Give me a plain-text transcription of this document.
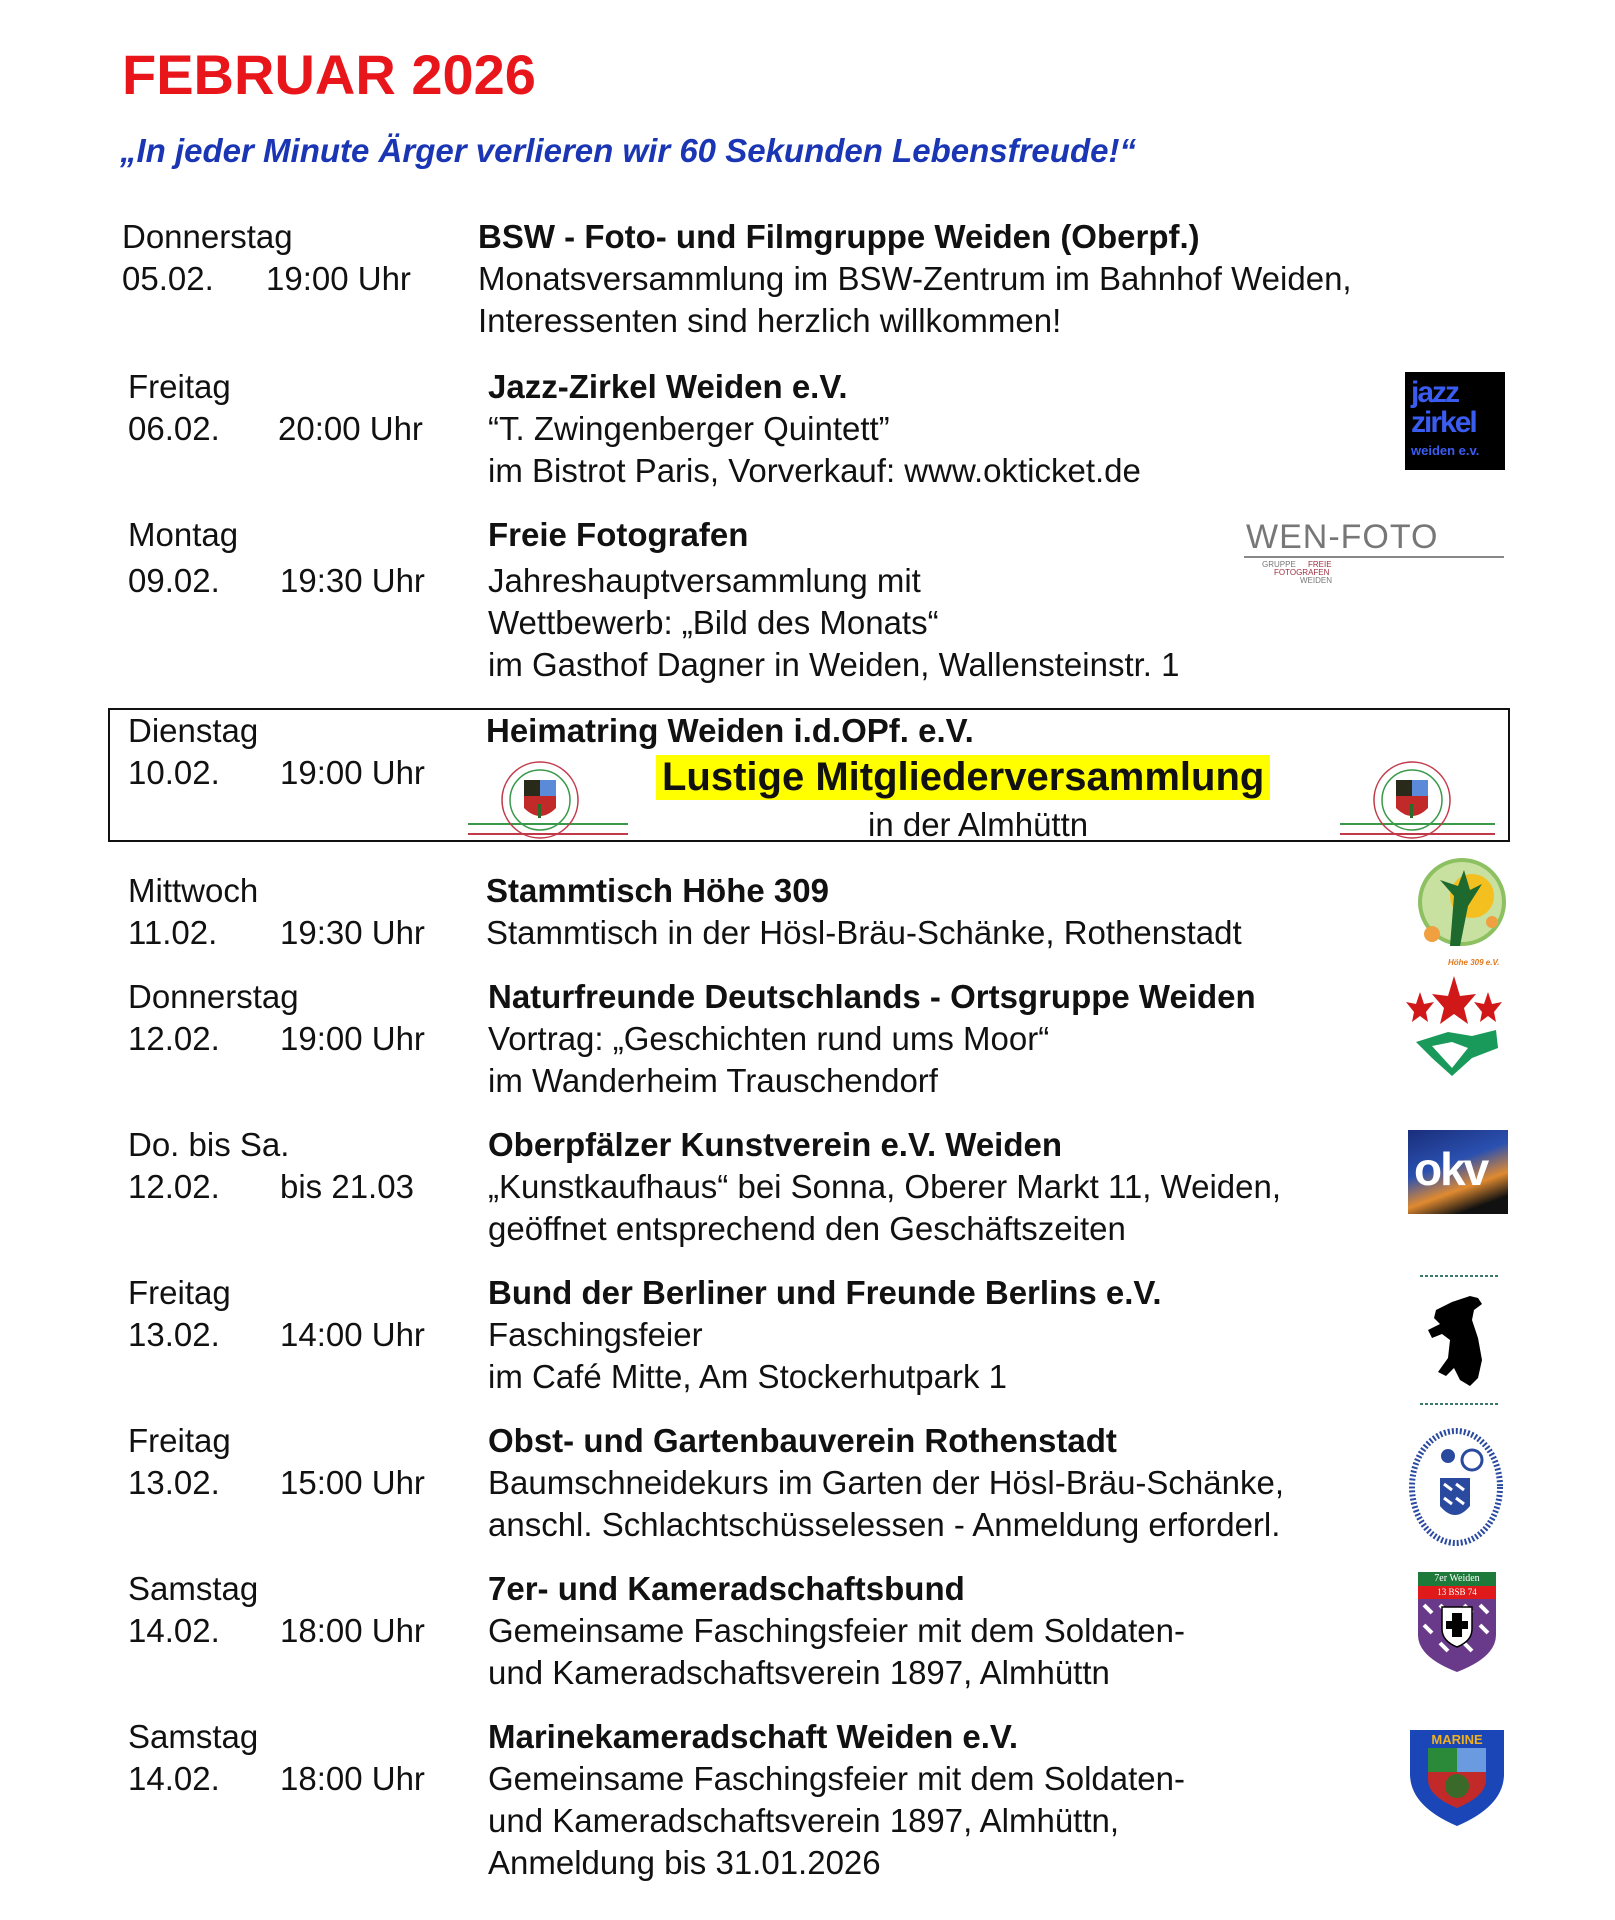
FEBRUAR 2026
„In jeder Minute Ärger verlieren wir 60 Sekunden Lebensfreude!“
Donnerstag
05.02. 19:00 Uhr
BSW - Foto- und Filmgruppe Weiden (Oberpf.)
Monatsversammlung im BSW-Zentrum im Bahnhof Weiden,
Interessenten sind herzlich willkommen!
Freitag
06.02. 20:00 Uhr
Jazz-Zirkel Weiden e.V.
“T. Zwingenberger Quintett”
im Bistrot Paris, Vorverkauf: www.okticket.de
jazz
zirkel
weiden e.v.
Montag
09.02. 19:30 Uhr
Freie Fotografen
Jahreshauptversammlung mit
Wettbewerb: „Bild des Monats“
im Gasthof Dagner in Weiden, Wallensteinstr. 1
WEN-FOTO
GRUPPE FREIE
FOTOGRAFEN
WEIDEN
Dienstag
10.02. 19:00 Uhr
Heimatring Weiden i.d.OPf. e.V.
Lustige Mitgliederversammlung
in der Almhüttn
Mittwoch
11.02. 19:30 Uhr
Stammtisch Höhe 309
Stammtisch in der Hösl-Bräu-Schänke, Rothenstadt
Höhe 309 e.V.
Donnerstag
12.02. 19:00 Uhr
Naturfreunde Deutschlands - Ortsgruppe Weiden
Vortrag: „Geschichten rund ums Moor“
im Wanderheim Trauschendorf
Do. bis Sa.
12.02. bis 21.03
Oberpfälzer Kunstverein e.V. Weiden
„Kunstkaufhaus“ bei Sonna, Oberer Markt 11, Weiden,
geöffnet entsprechend den Geschäftszeiten
okv
Freitag
13.02. 14:00 Uhr
Bund der Berliner und Freunde Berlins e.V.
Faschingsfeier
im Café Mitte, Am Stockerhutpark 1
Freitag
13.02. 15:00 Uhr
Obst- und Gartenbauverein Rothenstadt
Baumschneidekurs im Garten der Hösl-Bräu-Schänke,
anschl. Schlachtschüsselessen - Anmeldung erforderl.
Samstag
14.02. 18:00 Uhr
7er- und Kameradschaftsbund
Gemeinsame Faschingsfeier mit dem Soldaten-
und Kameradschaftsverein 1897, Almhüttn
7er Weiden
13 BSB 74
Samstag
14.02. 18:00 Uhr
Marinekameradschaft Weiden e.V.
Gemeinsame Faschingsfeier mit dem Soldaten-
und Kameradschaftsverein 1897, Almhüttn,
Anmeldung bis 31.01.2026
MARINE
